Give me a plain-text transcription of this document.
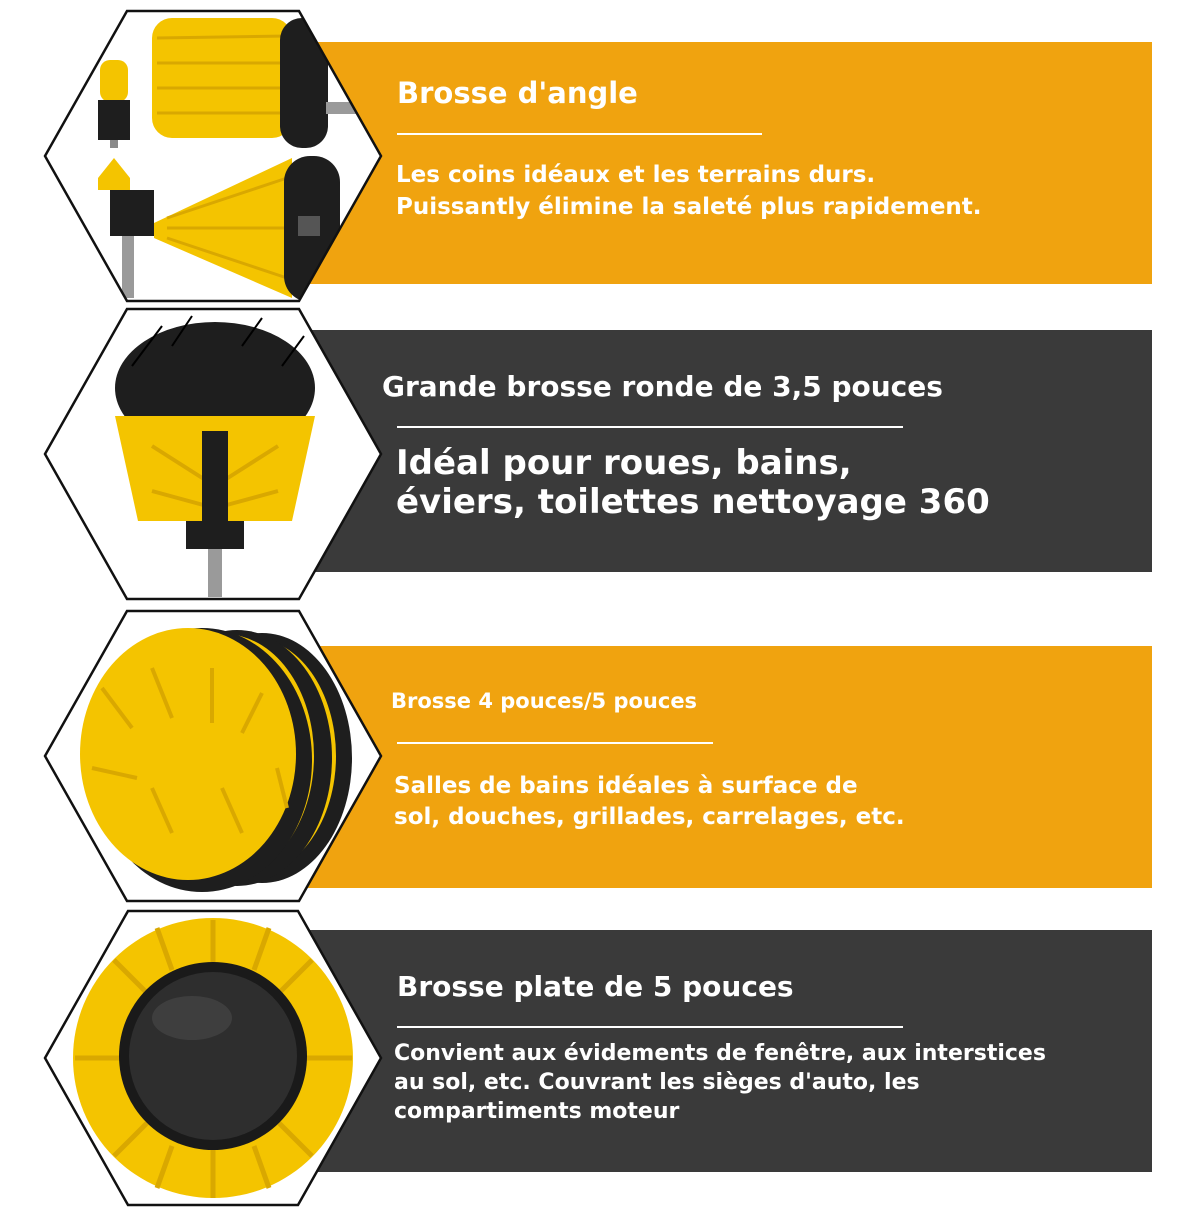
Brosse d'angle
Les coins idéaux et les terrains durs.
Puissantly élimine la saleté plus rapidement.
Grande brosse ronde de 3,5 pouces
Idéal pour roues, bains,
éviers, toilettes nettoyage 360
Brosse 4 pouces/5 pouces
Salles de bains idéales à surface de
sol, douches, grillades, carrelages, etc.
Brosse plate de 5 pouces
Convient aux évidements de fenêtre, aux interstices
au sol, etc. Couvrant les sièges d'auto, les
compartiments moteur
